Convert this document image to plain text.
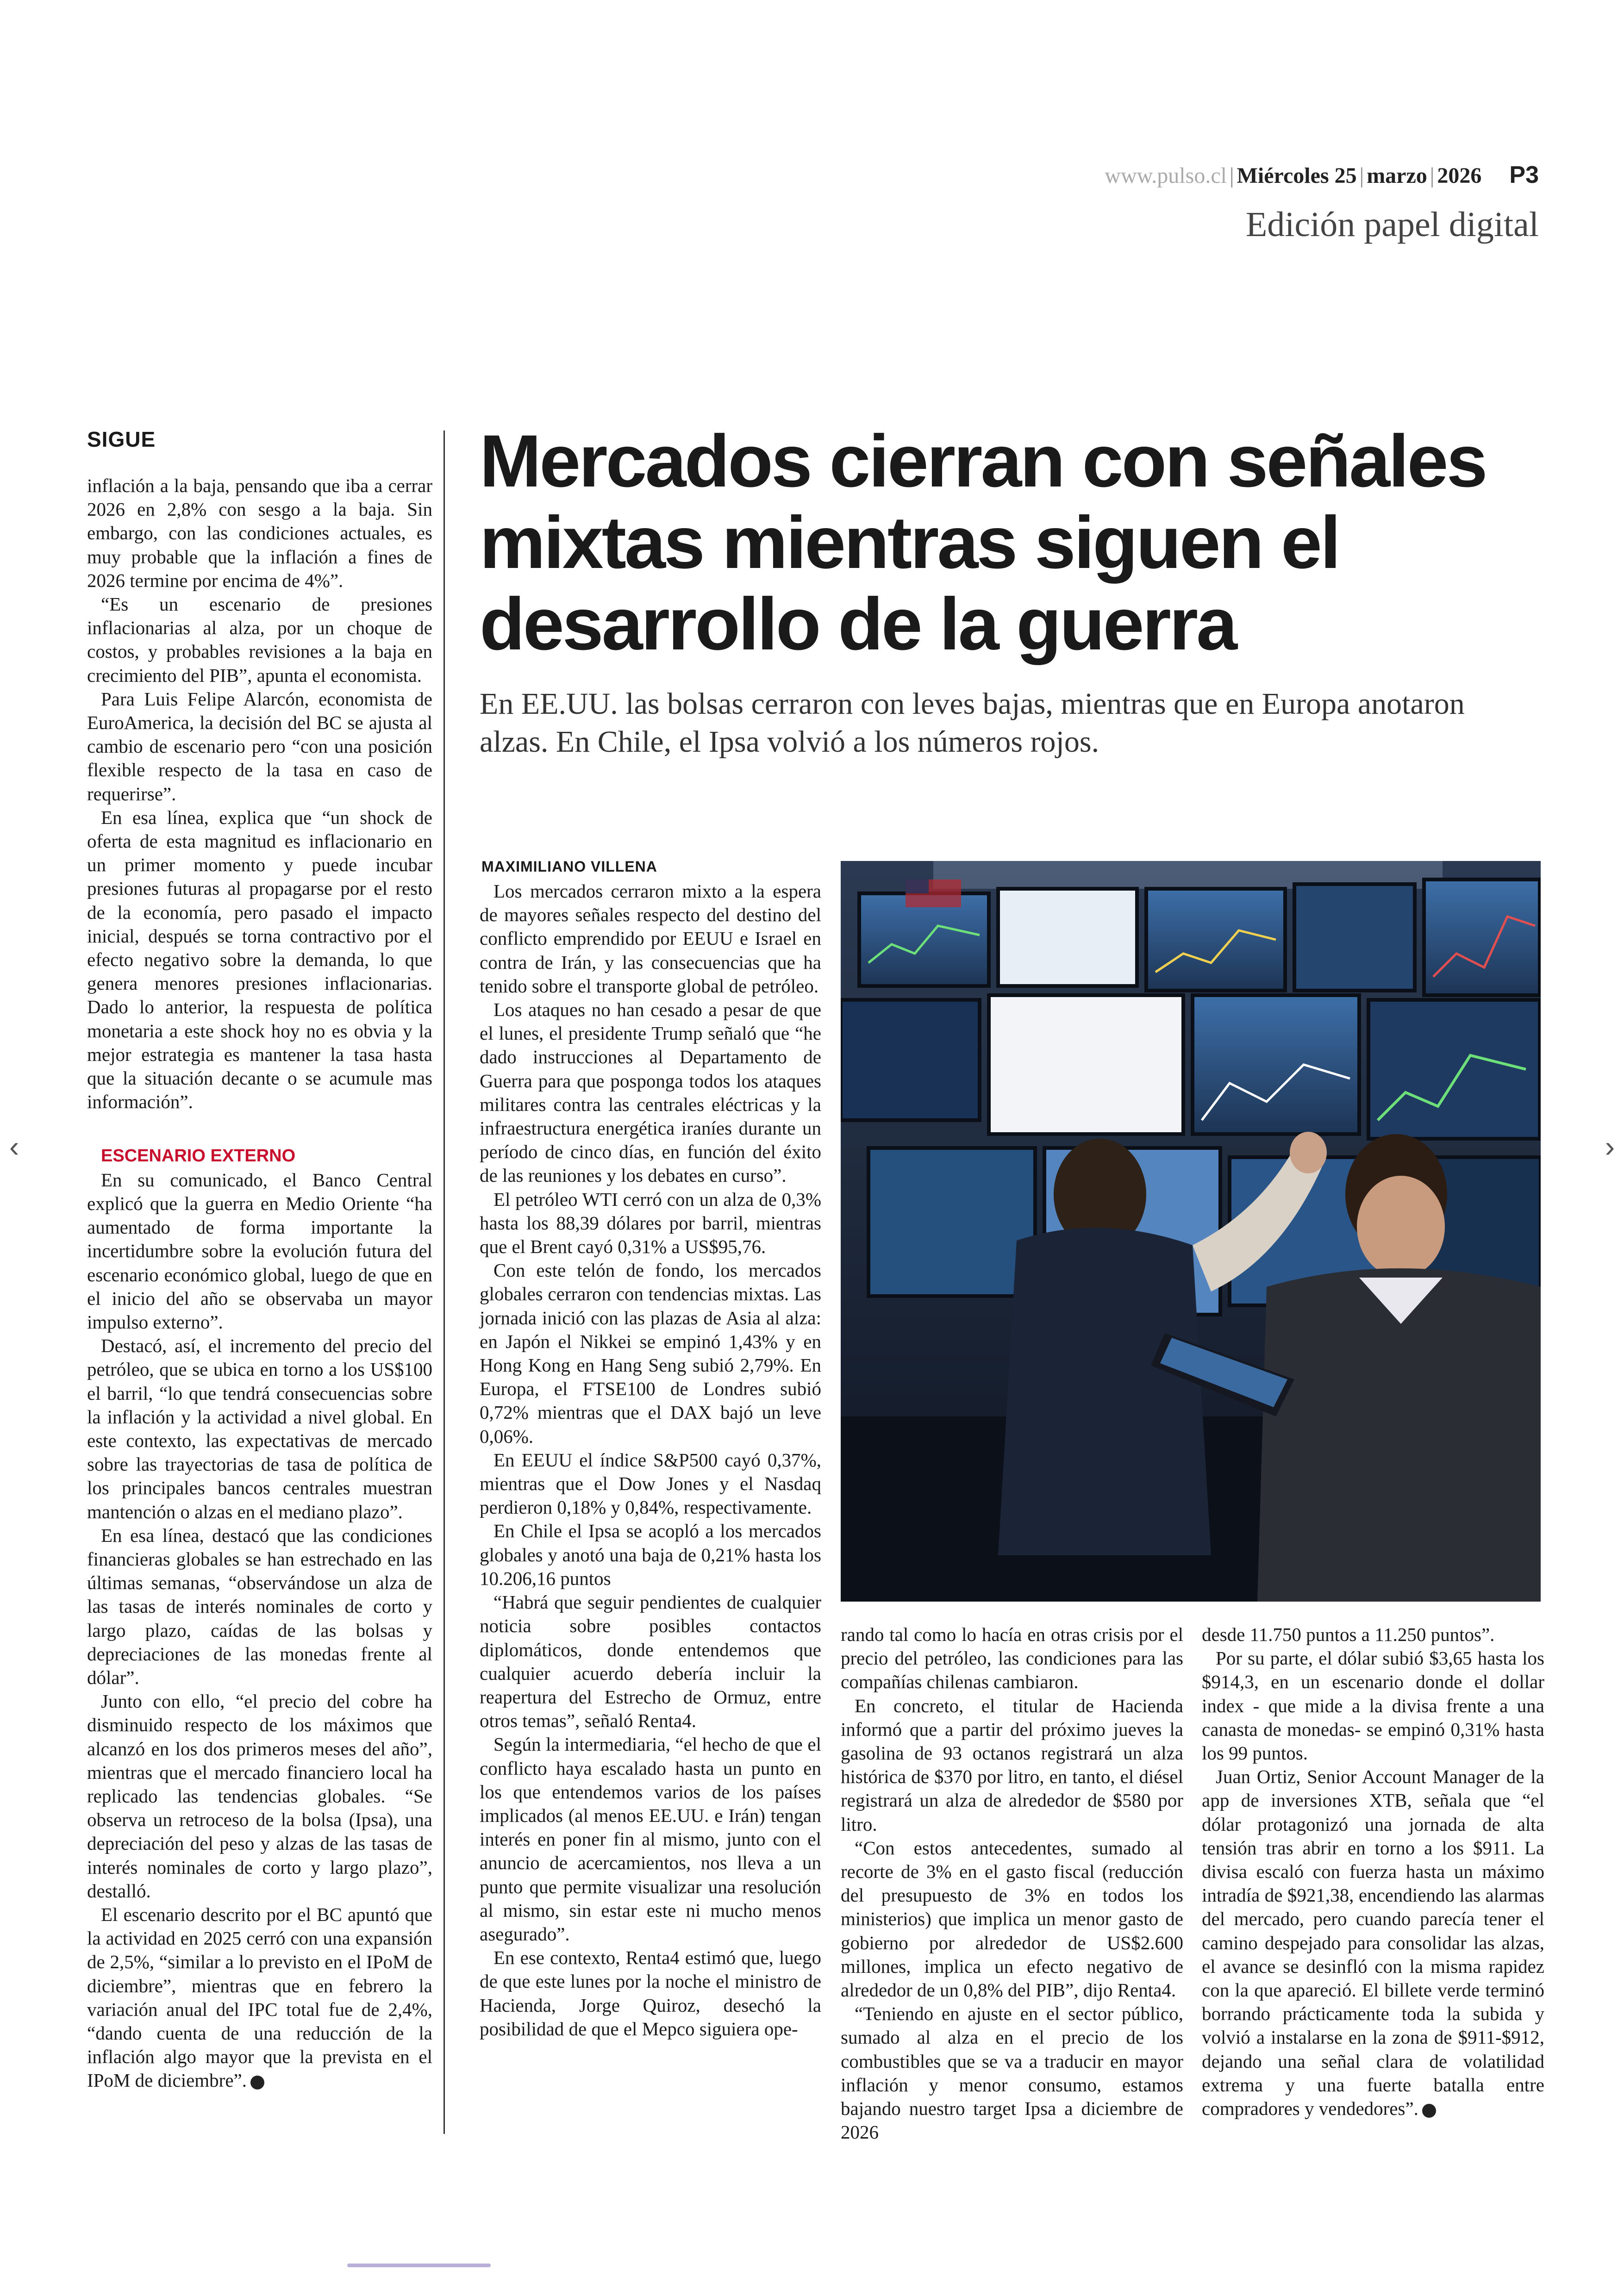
www.pulso.cl | Miércoles 25 | marzo | 2026 P3
Edición papel digital
SIGUE

inflación a la baja, pensando que iba a cerrar 2026 en 2,8% con sesgo a la baja. Sin embargo, con las condiciones actuales, es muy probable que la inflación a fines de 2026 termine por encima de 4%”.

“Es un escenario de presiones inflacionarias al alza, por un choque de costos, y probables revisiones a la baja en crecimiento del PIB”, apunta el economista.

Para Luis Felipe Alarcón, economista de EuroAmerica, la decisión del BC se ajusta al cambio de escenario pero “con una posición flexible respecto de la tasa en caso de requerirse”.

En esa línea, explica que “un shock de oferta de esta magnitud es inflacionario en un primer momento y puede incubar presiones futuras al propagarse por el resto de la economía, pero pasado el impacto inicial, después se torna contractivo por el efecto negativo sobre la demanda, lo que genera menores presiones inflacionarias. Dado lo anterior, la respuesta de política monetaria a este shock hoy no es obvia y la mejor estrategia es mantener la tasa hasta que la situación decante o se acumule mas información”.

ESCENARIO EXTERNO

En su comunicado, el Banco Central explicó que la guerra en Medio Oriente “ha aumentado de forma importante la incertidumbre sobre la evolución futura del escenario económico global, luego de que en el inicio del año se observaba un mayor impulso externo”.

Destacó, así, el incremento del precio del petróleo, que se ubica en torno a los US$100 el barril, “lo que tendrá consecuencias sobre la inflación y la actividad a nivel global. En este contexto, las expectativas de mercado sobre las trayectorias de tasa de política de los principales bancos centrales muestran mantención o alzas en el mediano plazo”.

En esa línea, destacó que las condiciones financieras globales se han estrechado en las últimas semanas, “observándose un alza de las tasas de interés nominales de corto y largo plazo, caídas de las bolsas y depreciaciones de las monedas frente al dólar”.

Junto con ello, “el precio del cobre ha disminuido respecto de los máximos que alcanzó en los dos primeros meses del año”, mientras que el mercado financiero local ha replicado las tendencias globales. “Se observa un retroceso de la bolsa (Ipsa), una depreciación del peso y alzas de las tasas de interés nominales de corto y largo plazo”, destalló.

El escenario descrito por el BC apuntó que la actividad en 2025 cerró con una expansión de 2,5%, “similar a lo previsto en el IPoM de diciembre”, mientras que en febrero la variación anual del IPC total fue de 2,4%, “dando cuenta de una reducción de la inflación algo mayor que la prevista en el IPoM de diciembre”.

Mercados cierran con señales mixtas mientras siguen el desarrollo de la guerra

En EE.UU. las bolsas cerraron con leves bajas, mientras que en Europa anotaron alzas. En Chile, el Ipsa volvió a los números rojos.

MAXIMILIANO VILLENA

Los mercados cerraron mixto a la espera de mayores señales respecto del destino del conflicto emprendido por EEUU e Israel en contra de Irán, y las consecuencias que ha tenido sobre el transporte global de petróleo.

Los ataques no han cesado a pesar de que el lunes, el presidente Trump señaló que “he dado instrucciones al Departamento de Guerra para que posponga todos los ataques militares contra las centrales eléctricas y la infraestructura energética iraníes durante un período de cinco días, en función del éxito de las reuniones y los debates en curso”.

El petróleo WTI cerró con un alza de 0,3% hasta los 88,39 dólares por barril, mientras que el Brent cayó 0,31% a US$95,76.

Con este telón de fondo, los mercados globales cerraron con tendencias mixtas. Las jornada inició con las plazas de Asia al alza: en Japón el Nikkei se empinó 1,43% y en Hong Kong en Hang Seng subió 2,79%. En Europa, el FTSE100 de Londres subió 0,72% mientras que el DAX bajó un leve 0,06%.

En EEUU el índice S&P500 cayó 0,37%, mientras que el Dow Jones y el Nasdaq perdieron 0,18% y 0,84%, respectivamente.

En Chile el Ipsa se acopló a los mercados globales y anotó una baja de 0,21% hasta los 10.206,16 puntos

“Habrá que seguir pendientes de cualquier noticia sobre posibles contactos diplomáticos, donde entendemos que cualquier acuerdo debería incluir la reapertura del Estrecho de Ormuz, entre otros temas”, señaló Renta4.

Según la intermediaria, “el hecho de que el conflicto haya escalado hasta un punto en los que entendemos varios de los países implicados (al menos EE.UU. e Irán) tengan interés en poner fin al mismo, junto con el anuncio de acercamientos, nos lleva a un punto que permite visualizar una resolución al mismo, sin estar este ni mucho menos asegurado”.

En ese contexto, Renta4 estimó que, luego de que este lunes por la noche el ministro de Hacienda, Jorge Quiroz, desechó la posibilidad de que el Mepco siguiera ope-

rando tal como lo hacía en otras crisis por el precio del petróleo, las condiciones para las compañías chilenas cambiaron.

En concreto, el titular de Hacienda informó que a partir del próximo jueves la gasolina de 93 octanos registrará un alza histórica de $370 por litro, en tanto, el diésel registrará un alza de alrededor de $580 por litro.

“Con estos antecedentes, sumado al recorte de 3% en el gasto fiscal (reducción del presupuesto de 3% en todos los ministerios) que implica un menor gasto de gobierno por alrededor de US$2.600 millones, implica un efecto negativo de alrededor de un 0,8% del PIB”, dijo Renta4.

“Teniendo en ajuste en el sector público, sumado al alza en el precio de los combustibles que se va a traducir en mayor inflación y menor consumo, estamos bajando nuestro target Ipsa a diciembre de 2026

desde 11.750 puntos a 11.250 puntos”.

Por su parte, el dólar subió $3,65 hasta los $914,3, en un escenario donde el dollar index - que mide a la divisa frente a una canasta de monedas- se empinó 0,31% hasta los 99 puntos.

Juan Ortiz, Senior Account Manager de la app de inversiones XTB, señala que “el dólar protagonizó una jornada de alta tensión tras abrir en torno a los $911. La divisa escaló con fuerza hasta un máximo intradía de $921,38, encendiendo las alarmas del mercado, pero cuando parecía tener el camino despejado para consolidar las alzas, el avance se desinfló con la misma rapidez con la que apareció. El billete verde terminó borrando prácticamente toda la subida y volvió a instalarse en la zona de $911-$912, dejando una señal clara de volatilidad extrema y una fuerte batalla entre compradores y vendedores”.

‹	›
